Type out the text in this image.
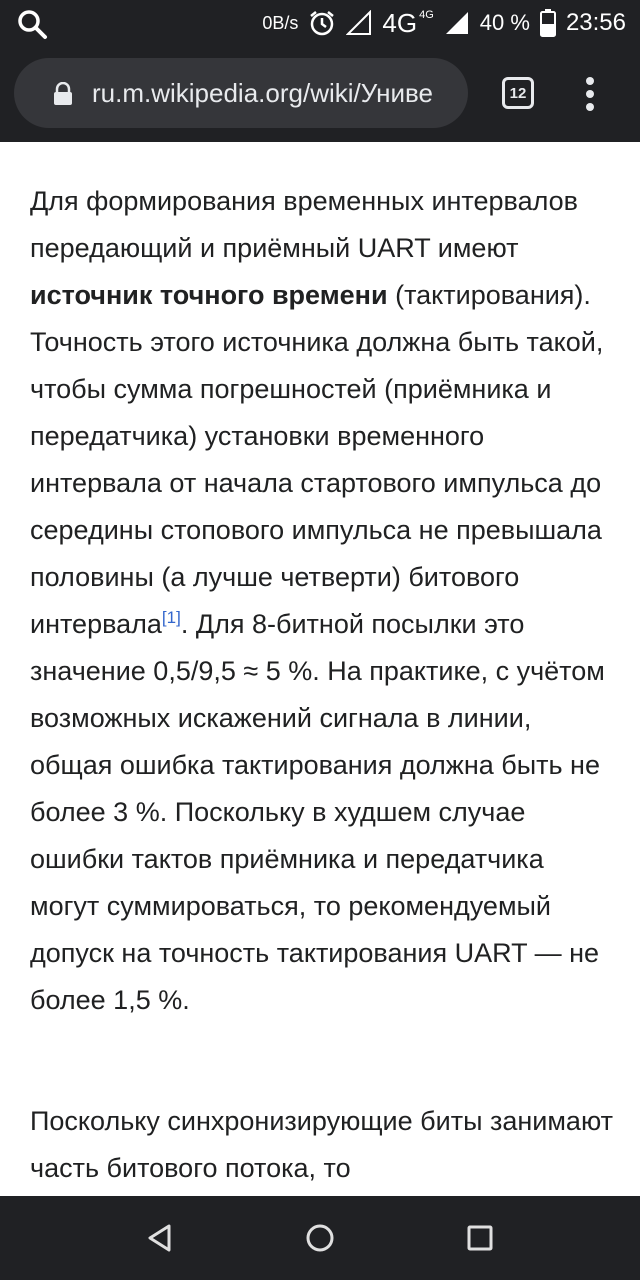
0B/s	$4G^{4G}$ 40 % 23:56
ru.m.wikipedia.org/wiki/Униве	12

Для формирования временных интервалов передающий и приёмный UART имеют источник точного времени (тактирования). Точность этого источника должна быть такой, чтобы сумма погрешностей (приёмника и передатчика) установки временного интервала от начала стартового импульса до середины стопового импульса не превышала половины (а лучше четверти) битового интервала[1]. Для 8-битной посылки это значение 0,5/9,5 ≈ 5 %. На практике, с учётом возможных искажений сигнала в линии, общая ошибка тактирования должна быть не более 3 %. Поскольку в худшем случае ошибки тактов приёмника и передатчика могут суммироваться, то рекомендуемый допуск на точность тактирования UART — не более 1,5 %.

Поскольку синхронизирующие биты занимают часть битового потока, то
